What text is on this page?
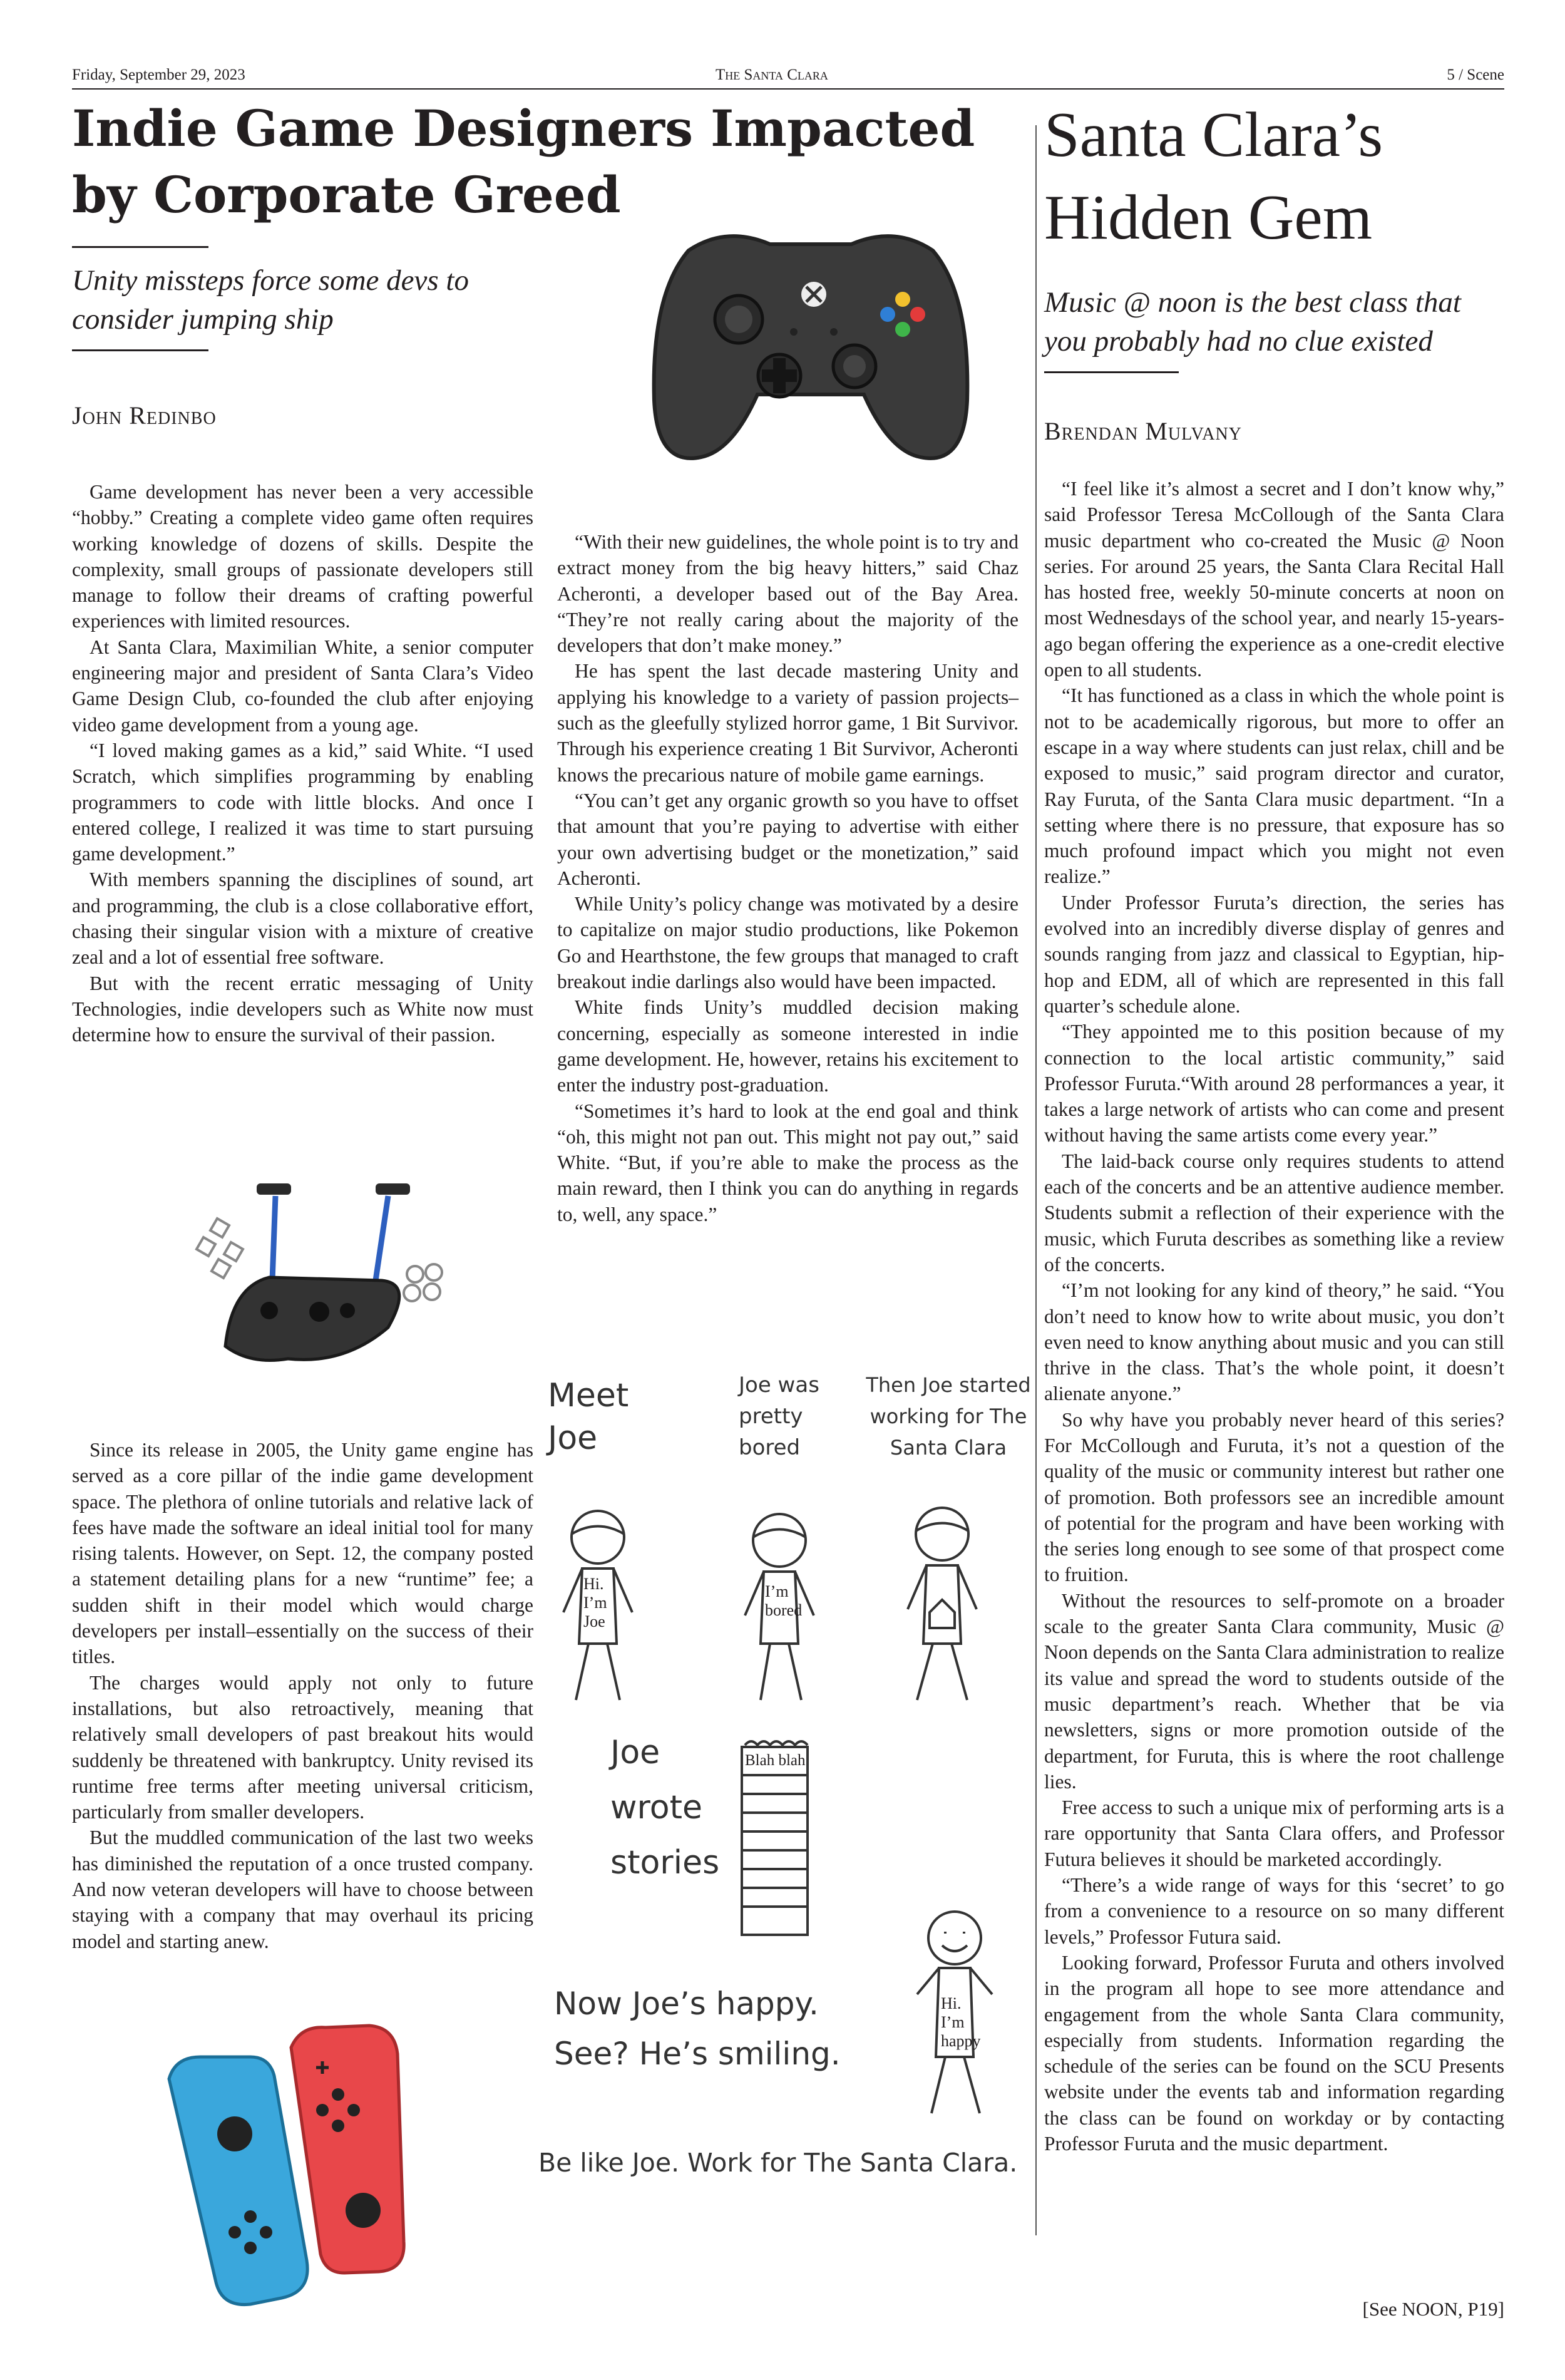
Friday, September 29, 2023	The Santa Clara	5 / Scene
Indie Game Designers Impacted
by Corporate Greed
Unity missteps force some devs to
consider jumping ship
John Redinbo

Game development has never been a very accessible “hobby.” Creating a complete video game often requires working knowledge of dozens of skills. Despite the complexity, small groups of passionate developers still manage to follow their dreams of crafting powerful experiences with limited resources.

At Santa Clara, Maximilian White, a senior computer engineering major and president of Santa Clara’s Video Game Design Club, co-founded the club after enjoying video game development from a young age.

“I loved making games as a kid,” said White. “I used Scratch, which simplifies programming by enabling programmers to code with little blocks. And once I entered college, I realized it was time to start pursuing game development.”

With members spanning the disciplines of sound, art and programming, the club is a close collaborative effort, chasing their singular vision with a mixture of creative zeal and a lot of essential free software.

But with the recent erratic messaging of Unity Technologies, indie developers such as White now must determine how to ensure the survival of their passion.

Since its release in 2005, the Unity game engine has served as a core pillar of the indie game development space. The plethora of online tutorials and relative lack of fees have made the software an ideal initial tool for many rising talents. However, on Sept. 12, the company posted a statement detailing plans for a new “runtime” fee; a sudden shift in their model which would charge developers per install–essentially on the success of their titles.

The charges would apply not only to future installations, but also retroactively, meaning that relatively small developers of past breakout hits would suddenly be threatened with bankruptcy. Unity revised its runtime free terms after meeting universal criticism, particularly from smaller developers.

But the muddled communication of the last two weeks has diminished the reputation of a once trusted company. And now veteran developers will have to choose between staying with a company that may overhaul its pricing model and starting anew.

“With their new guidelines, the whole point is to try and extract money from the big heavy hitters,” said Chaz Acheronti, a developer based out of the Bay Area. “They’re not really caring about the majority of the developers that don’t make money.”

He has spent the last decade mastering Unity and applying his knowledge to a variety of passion projects–such as the gleefully stylized horror game, 1 Bit Survivor. Through his experience creating 1 Bit Survivor, Acheronti knows the precarious nature of mobile game earnings.

“You can’t get any organic growth so you have to offset that amount that you’re paying to advertise with either your own advertising budget or the monetization,” said Acheronti.

While Unity’s policy change was motivated by a desire to capitalize on major studio productions, like Pokemon Go and Hearthstone, the few groups that managed to craft breakout indie darlings also would have been impacted.

White finds Unity’s muddled decision making concerning, especially as someone interested in indie game development. He, however, retains his excitement to enter the industry post-graduation.

“Sometimes it’s hard to look at the end goal and think “oh, this might not pan out. This might not pay out,” said White. “But, if you’re able to make the process as the main reward, then I think you can do anything in regards to, well, any space.”

Meet
Joe
Joe was
pretty
bored
Then Joe started
working for The
Santa Clara
Hi.
I’m
Joe
I’m
bored
Joe
wrote
stories
Blah blah
Now Joe’s happy.
See? He’s smiling.
Hi.
I’m
happy
Be like Joe. Work for The Santa Clara.
Santa Clara’s
Hidden Gem
Music @ noon is the best class that
you probably had no clue existed
Brendan Mulvany

“I feel like it’s almost a secret and I don’t know why,” said Professor Teresa McCollough of the Santa Clara music department who co-created the Music @ Noon series. For around 25 years, the Santa Clara Recital Hall has hosted free, weekly 50-minute concerts at noon on most Wednesdays of the school year, and nearly 15-years-ago began offering the experience as a one-credit elective open to all students.

“It has functioned as a class in which the whole point is not to be academically rigorous, but more to offer an escape in a way where students can just relax, chill and be exposed to music,” said program director and curator, Ray Furuta, of the Santa Clara music department. “In a setting where there is no pressure, that exposure has so much profound impact which you might not even realize.”

Under Professor Furuta’s direction, the series has evolved into an incredibly diverse display of genres and sounds ranging from jazz and classical to Egyptian, hip-hop and EDM, all of which are represented in this fall quarter’s schedule alone.

“They appointed me to this position because of my connection to the local artistic community,” said Professor Furuta.“With around 28 performances a year, it takes a large network of artists who can come and present without having the same artists come every year.”

The laid-back course only requires students to attend each of the concerts and be an attentive audience member. Students submit a reflection of their experience with the music, which Furuta describes as something like a review of the concerts.

“I’m not looking for any kind of theory,” he said. “You don’t need to know how to write about music, you don’t even need to know anything about music and you can still thrive in the class. That’s the whole point, it doesn’t alienate anyone.”

So why have you probably never heard of this series? For McCollough and Furuta, it’s not a question of the quality of the music or community interest but rather one of promotion. Both professors see an incredible amount of potential for the program and have been working with the series long enough to see some of that prospect come to fruition.

Without the resources to self-promote on a broader scale to the greater Santa Clara community, Music @ Noon depends on the Santa Clara administration to realize its value and spread the word to students outside of the music department’s reach. Whether that be via newsletters, signs or more promotion outside of the department, for Furuta, this is where the root challenge lies.

Free access to such a unique mix of performing arts is a rare opportunity that Santa Clara offers, and Professor Futura believes it should be marketed accordingly.

“There’s a wide range of ways for this ‘secret’ to go from a convenience to a resource on so many different levels,” Professor Futura said.

Looking forward, Professor Furuta and others involved in the program all hope to see more attendance and engagement from the whole Santa Clara community, especially from students. Information regarding the schedule of the series can be found on the SCU Presents website under the events tab and information regarding the class can be found on workday or by contacting Professor Furuta and the music department.

[See NOON, P19]
